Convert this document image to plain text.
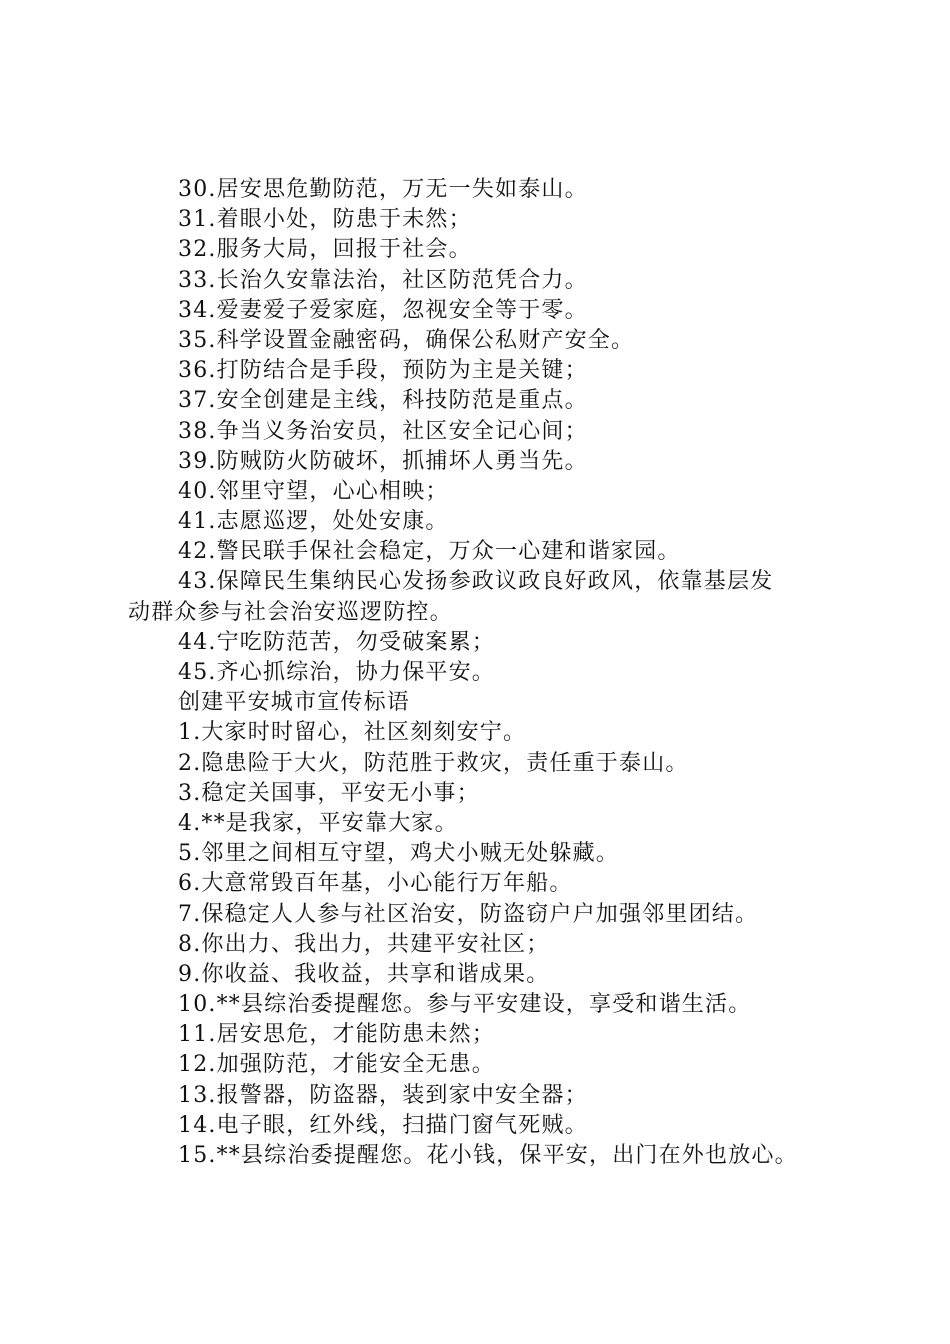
30.居安思危勤防范，万无一失如泰山。
31.着眼小处，防患于未然；
32.服务大局，回报于社会。
33.长治久安靠法治，社区防范凭合力。
34.爱妻爱子爱家庭，忽视安全等于零。
35.科学设置金融密码，确保公私财产安全。
36.打防结合是手段，预防为主是关键；
37.安全创建是主线，科技防范是重点。
38.争当义务治安员，社区安全记心间；
39.防贼防火防破坏，抓捕坏人勇当先。
40.邻里守望，心心相映；
41.志愿巡逻，处处安康。
42.警民联手保社会稳定，万众一心建和谐家园。
43.保障民生集纳民心发扬参政议政良好政风，依靠基层发
动群众参与社会治安巡逻防控。
44.宁吃防范苦，勿受破案累；
45.齐心抓综治，协力保平安。
创建平安城市宣传标语
1.大家时时留心，社区刻刻安宁。
2.隐患险于大火，防范胜于救灾，责任重于泰山。
3.稳定关国事，平安无小事；
4.**是我家，平安靠大家。
5.邻里之间相互守望，鸡犬小贼无处躲藏。
6.大意常毁百年基，小心能行万年船。
7.保稳定人人参与社区治安，防盗窃户户加强邻里团结。
8.你出力、我出力，共建平安社区；
9.你收益、我收益，共享和谐成果。
10.**县综治委提醒您。参与平安建设，享受和谐生活。
11.居安思危，才能防患未然；
12.加强防范，才能安全无患。
13.报警器，防盗器，装到家中安全器；
14.电子眼，红外线，扫描门窗气死贼。
15.**县综治委提醒您。花小钱，保平安，出门在外也放心。
